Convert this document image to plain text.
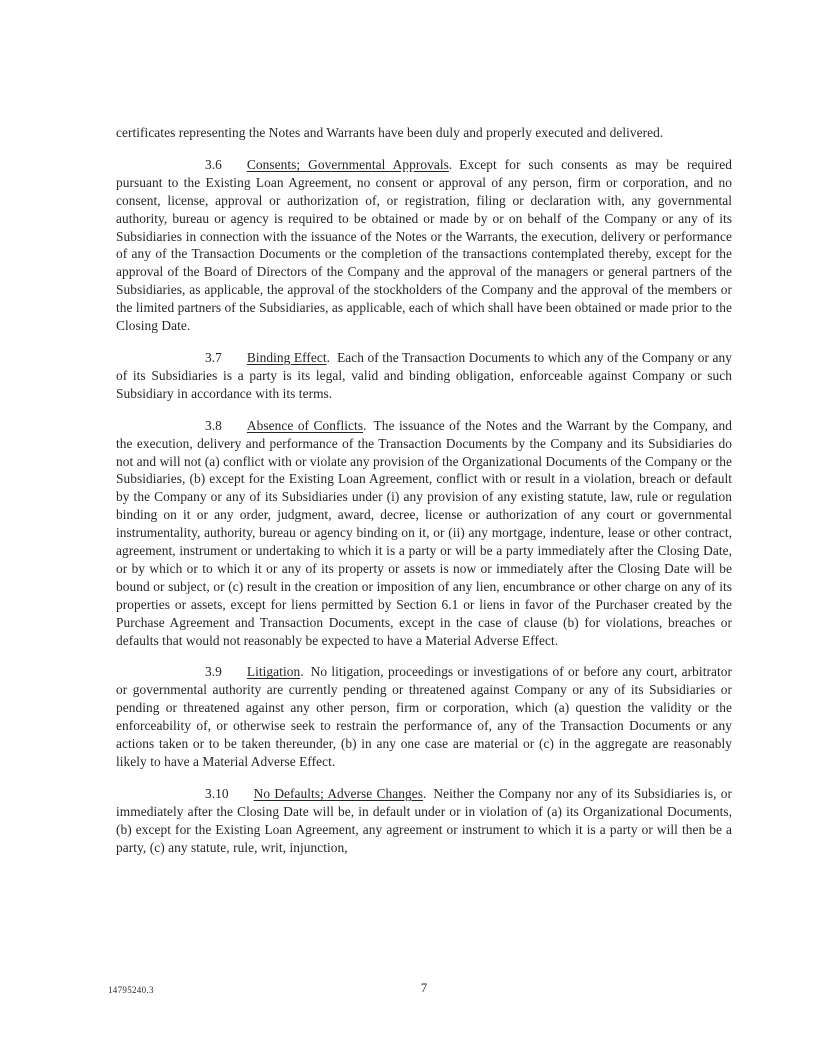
certificates representing the Notes and Warrants have been duly and properly executed and delivered.

3.6 Consents; Governmental Approvals. Except for such consents as may be required pursuant to the Existing Loan Agreement, no consent or approval of any person, firm or corporation, and no consent, license, approval or authorization of, or registration, filing or declaration with, any governmental authority, bureau or agency is required to be obtained or made by or on behalf of the Company or any of its Subsidiaries in connection with the issuance of the Notes or the Warrants, the execution, delivery or performance of any of the Transaction Documents or the completion of the transactions contemplated thereby, except for the approval of the Board of Directors of the Company and the approval of the managers or general partners of the Subsidiaries, as applicable, the approval of the stockholders of the Company and the approval of the members or the limited partners of the Subsidiaries, as applicable, each of which shall have been obtained or made prior to the Closing Date.

3.7 Binding Effect. Each of the Transaction Documents to which any of the Company or any of its Subsidiaries is a party is its legal, valid and binding obligation, enforceable against Company or such Subsidiary in accordance with its terms.

3.8 Absence of Conflicts. The issuance of the Notes and the Warrant by the Company, and the execution, delivery and performance of the Transaction Documents by the Company and its Subsidiaries do not and will not (a) conflict with or violate any provision of the Organizational Documents of the Company or the Subsidiaries, (b) except for the Existing Loan Agreement, conflict with or result in a violation, breach or default by the Company or any of its Subsidiaries under (i) any provision of any existing statute, law, rule or regulation binding on it or any order, judgment, award, decree, license or authorization of any court or governmental instrumentality, authority, bureau or agency binding on it, or (ii) any mortgage, indenture, lease or other contract, agreement, instrument or undertaking to which it is a party or will be a party immediately after the Closing Date, or by which or to which it or any of its property or assets is now or immediately after the Closing Date will be bound or subject, or (c) result in the creation or imposition of any lien, encumbrance or other charge on any of its properties or assets, except for liens permitted by Section 6.1 or liens in favor of the Purchaser created by the Purchase Agreement and Transaction Documents, except in the case of clause (b) for violations, breaches or defaults that would not reasonably be expected to have a Material Adverse Effect.

3.9 Litigation. No litigation, proceedings or investigations of or before any court, arbitrator or governmental authority are currently pending or threatened against Company or any of its Subsidiaries or pending or threatened against any other person, firm or corporation, which (a) question the validity or the enforceability of, or otherwise seek to restrain the performance of, any of the Transaction Documents or any actions taken or to be taken thereunder, (b) in any one case are material or (c) in the aggregate are reasonably likely to have a Material Adverse Effect.

3.10 No Defaults; Adverse Changes. Neither the Company nor any of its Subsidiaries is, or immediately after the Closing Date will be, in default under or in violation of (a) its Organizational Documents, (b) except for the Existing Loan Agreement, any agreement or instrument to which it is a party or will then be a party, (c) any statute, rule, writ, injunction,

14795240.3	7
